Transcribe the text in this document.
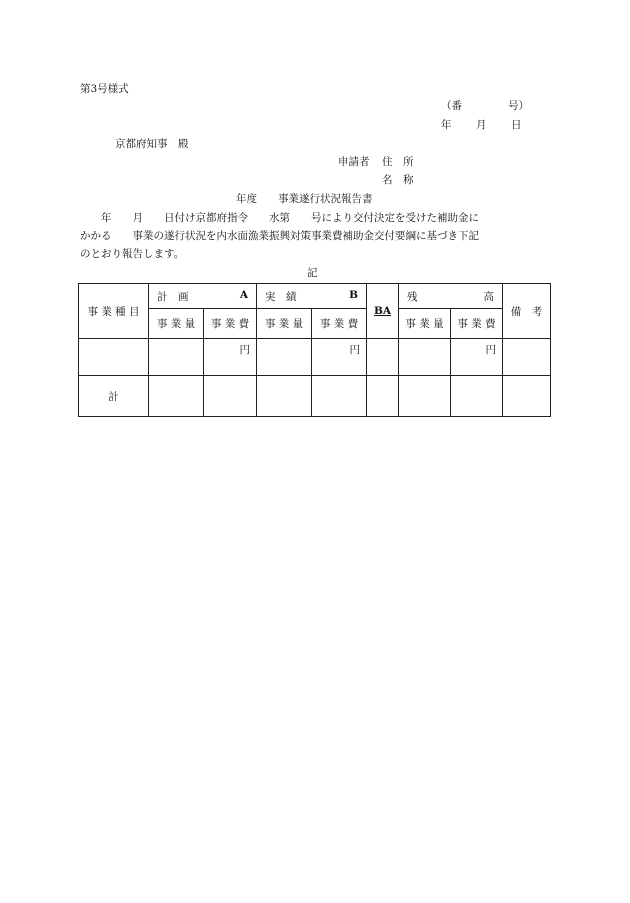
第3号様式
（番	号）
年 月 日
京都府知事　殿
申請者 住　所
名　称
年度　　事業遂行状況報告書

　　年　　月　　日付け京都府指令　　水第　　号により交付決定を受けた補助金に

かかる　　事業の遂行状況を内水面漁業振興対策事業費補助金交付要綱に基づき下記

のとおり報告します。

記
事 業 種 目	計　画 A		実　績 B		BA	残 高		備　考
	事 業 量	事 業 費	事 業 量	事 業 費		事 業 量	事 業 費	
		円		円			円	
計								
